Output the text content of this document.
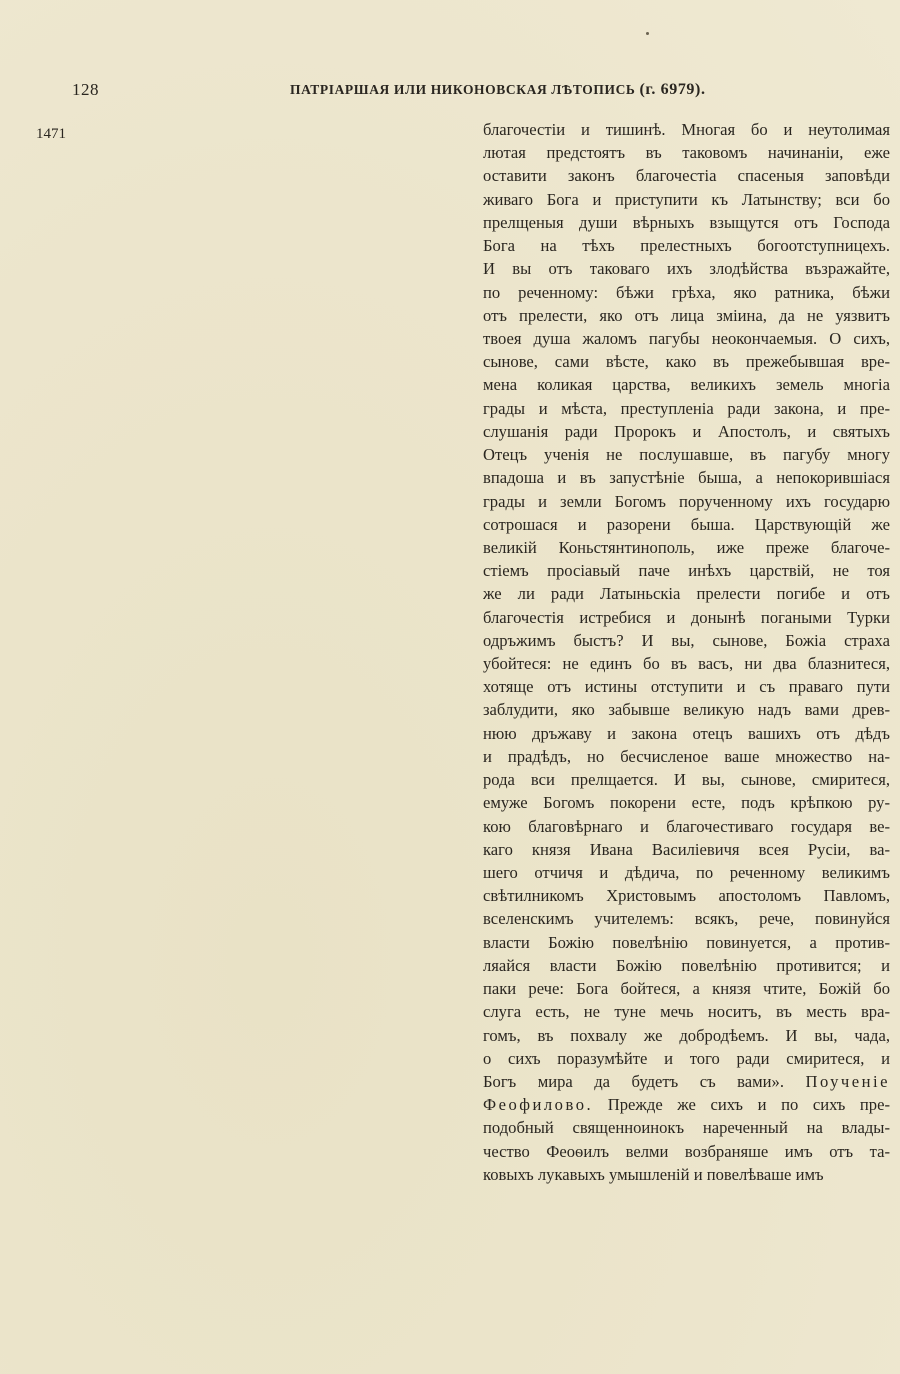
128	ПАТРІАРШАЯ ИЛИ НИКОНОВСКАЯ ЛѢТОПИСЬ (г. 6979).
1471	благочестіи и тишинѣ. Многая бо и неутолимая
лютая предстоятъ въ таковомъ начинаніи, еже
оставити законъ благочестіа спасеныя заповѣди
живаго Бога и приступити къ Латынству; вси бо
прелщеныя души вѣрныхъ взыщутся отъ Господа
Бога на тѣхъ прелестныхъ богоотступницехъ.
И вы отъ таковаго ихъ злодѣйства възражайте,
по реченному: бѣжи грѣха, яко ратника, бѣжи
отъ прелести, яко отъ лица змiина, да не уязвитъ
твоея душа жаломъ пагубы неокончаемыя. О сихъ,
сынове, сами вѣсте, како въ прежебывшая вре-
мена коликая царства, великихъ земель многiа
грады и мѣста, преступленіа ради закона, и пре-
слушанія ради Пророкъ и Апостолъ, и святыхъ
Отецъ ученія не послушавше, въ пагубу многу
впадоша и въ запустѣніе быша, а непокорившіася
грады и земли Богомъ порученному ихъ государю
сотрошася и разорени быша. Царствующій же
великій Коньстянтинополь, иже преже благоче-
стіемъ просіавый паче инѣхъ царствій, не тоя
же ли ради Латыньскіа прелести погибе и отъ
благочестія истребися и донынѣ погаными Турки
одръжимъ быстъ? И вы, сынове, Божіа страха
убойтеся: не единъ бо въ васъ, ни два блазнитеся,
хотяще отъ истины отступити и съ праваго пути
заблудити, яко забывше великую надъ вами древ-
нюю дръжаву и закона отецъ вашихъ отъ дѣдъ
и прадѣдъ, но бесчисленое ваше множество на-
рода вси прелщается. И вы, сынове, смиритеся,
емуже Богомъ покорени есте, подъ крѣпкою ру-
кою благовѣрнаго и благочестиваго государя ве-
каго князя Ивана Василіевичя всея Русіи, ва-
шего отчичя и дѣдича, по реченному великимъ
свѣтилникомъ Христовымъ апостоломъ Павломъ,
вселенскимъ учителемъ: всякъ, рече, повинуйся
власти Божiю повелѣнію повинуется, а против-
ляайся власти Божiю повелѣнію противится; и
паки рече: Бога бойтеся, а князя чтите, Божій бо
слуга есть, не туне мечь носитъ, въ месть вра-
гомъ, въ похвалу же добродѣемъ. И вы, чада,
о сихъ поразумѣйте и того ради смиритеся, и
Богъ мира да будетъ съ вами». Поученіе
Феофилово. Прежде же сихъ и по сихъ пре-
подобный священноинокъ нареченный на влады-
чество Феоѳилъ велми возбраняше имъ отъ та-
ковыхъ лукавыхъ умышленій и повелѣваше имъ
